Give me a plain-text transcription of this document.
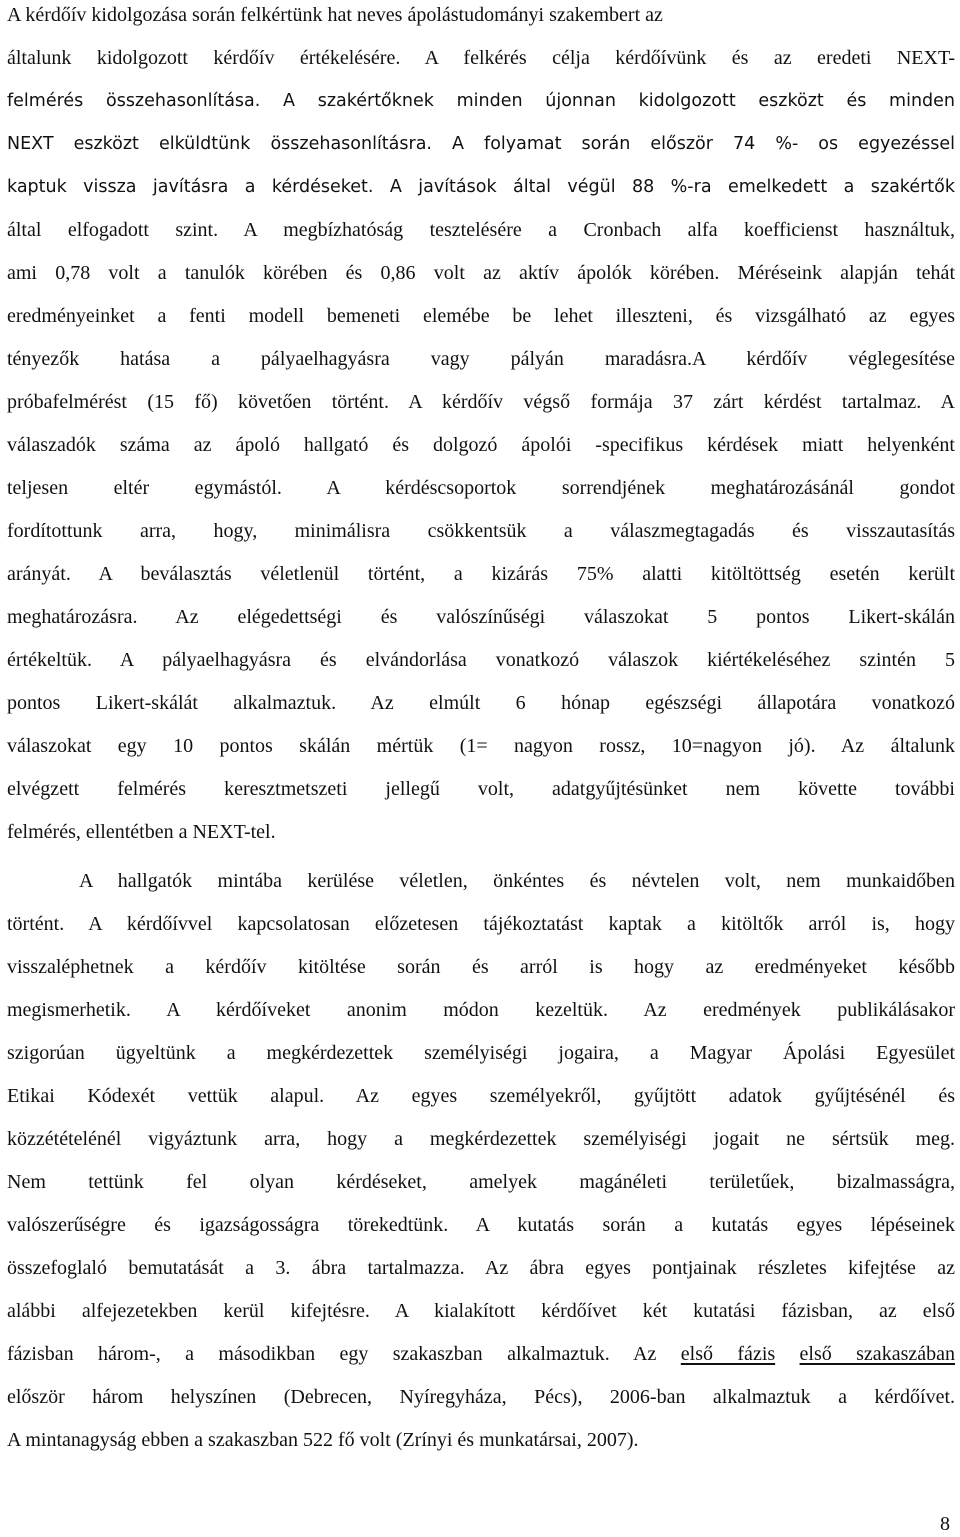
A kérdőív kidolgozása során felkértünk hat neves ápolástudományi szakembert az
általunk kidolgozott kérdőív értékelésére. A felkérés célja kérdőívünk és az eredeti NEXT-
felmérés összehasonlítása. A szakértőknek minden újonnan kidolgozott eszközt és minden
NEXT eszközt elküldtünk összehasonlításra. A folyamat során először 74 %- os egyezéssel
kaptuk vissza javításra a kérdéseket. A javítások által végül 88 %-ra emelkedett a szakértők
által elfogadott szint. A megbízhatóság tesztelésére a Cronbach alfa koefficienst használtuk,
ami 0,78 volt a tanulók körében és 0,86 volt az aktív ápolók körében. Méréseink alapján tehát
eredményeinket a fenti modell bemeneti elemébe be lehet illeszteni, és vizsgálható az egyes
tényezők hatása a pályaelhagyásra vagy pályán maradásra.A kérdőív véglegesítése
próbafelmérést (15 fő) követően történt. A kérdőív végső formája 37 zárt kérdést tartalmaz. A
válaszadók száma az ápoló hallgató és dolgozó ápolói -specifikus kérdések miatt helyenként
teljesen eltér egymástól. A kérdéscsoportok sorrendjének meghatározásánál gondot
fordítottunk arra, hogy, minimálisra csökkentsük a válaszmegtagadás és visszautasítás
arányát. A beválasztás véletlenül történt, a kizárás 75% alatti kitöltöttség esetén került
meghatározásra. Az elégedettségi és valószínűségi válaszokat 5 pontos Likert-skálán
értékeltük. A pályaelhagyásra és elvándorlása vonatkozó válaszok kiértékeléséhez szintén 5
pontos Likert-skálát alkalmaztuk. Az elmúlt 6 hónap egészségi állapotára vonatkozó
válaszokat egy 10 pontos skálán mértük (1= nagyon rossz, 10=nagyon jó). Az általunk
elvégzett felmérés keresztmetszeti jellegű volt, adatgyűjtésünket nem követte további
felmérés, ellentétben a NEXT-tel.
A hallgatók mintába kerülése véletlen, önkéntes és névtelen volt, nem munkaidőben
történt. A kérdőívvel kapcsolatosan előzetesen tájékoztatást kaptak a kitöltők arról is, hogy
visszaléphetnek a kérdőív kitöltése során és arról is hogy az eredményeket később
megismerhetik. A kérdőíveket anonim módon kezeltük. Az eredmények publikálásakor
szigorúan ügyeltünk a megkérdezettek személyiségi jogaira, a Magyar Ápolási Egyesület
Etikai Kódexét vettük alapul. Az egyes személyekről, gyűjtött adatok gyűjtésénél és
közzétételénél vigyáztunk arra, hogy a megkérdezettek személyiségi jogait ne sértsük meg.
Nem tettünk fel olyan kérdéseket, amelyek magánéleti területűek, bizalmasságra,
valószerűségre és igazságosságra törekedtünk. A kutatás során a kutatás egyes lépéseinek
összefoglaló bemutatását a 3. ábra tartalmazza. Az ábra egyes pontjainak részletes kifejtése az
alábbi alfejezetekben kerül kifejtésre. A kialakított kérdőívet két kutatási fázisban, az első
fázisban három-, a másodikban egy szakaszban alkalmaztuk. Az első fázis első szakaszában
először három helyszínen (Debrecen, Nyíregyháza, Pécs), 2006-ban alkalmaztuk a kérdőívet.
A mintanagyság ebben a szakaszban 522 fő volt (Zrínyi és munkatársai, 2007).
8
